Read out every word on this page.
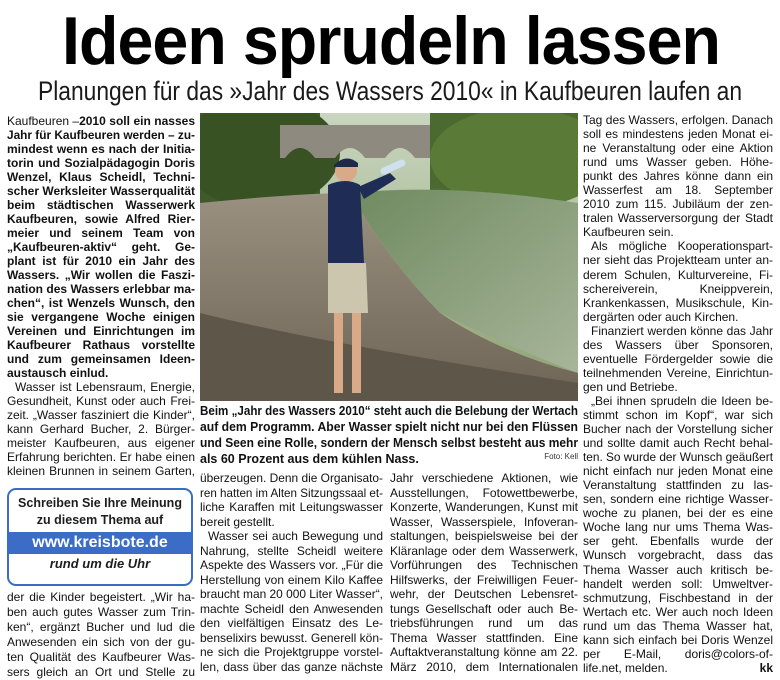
Ideen sprudeln lassen
Planungen für das »Jahr des Wassers 2010« in Kaufbeuren laufen an
Kaufbeuren –2010 soll ein nasses
Jahr für Kaufbeuren werden – zu-
mindest wenn es nach der Initia-
torin und Sozialpädagogin Doris
Wenzel, Klaus Scheidl, Techni-
scher Werksleiter Wasserqualität
beim städtischen Wasserwerk
Kaufbeuren, sowie Alfred Rier-
meier und seinem Team von
„Kaufbeuren-aktiv“ geht. Ge-
plant ist für 2010 ein Jahr des
Wassers. „Wir wollen die Faszi-
nation des Wassers erlebbar ma-
chen“, ist Wenzels Wunsch, den
sie vergangene Woche einigen
Vereinen und Einrichtungen im
Kaufbeurer Rathaus vorstellte
und zum gemeinsamen Ideen-
austausch einlud.
Wasser ist Lebensraum, Energie,
Gesundheit, Kunst oder auch Frei-
zeit. „Wasser fasziniert die Kinder“,
kann Gerhard Bucher, 2. Bürger-
meister Kaufbeuren, aus eigener
Erfahrung berichten. Er habe einen
kleinen Brunnen in seinem Garten,
der die Kinder begeistert. „Wir ha-
ben auch gutes Wasser zum Trin-
ken“, ergänzt Bucher und lud die
Anwesenden ein sich von der gu-
ten Qualität des Kaufbeurer Was-
sers gleich an Ort und Stelle zu
überzeugen. Denn die Organisato-
ren hatten im Alten Sitzungssaal et-
liche Karaffen mit Leitungswasser
bereit gestellt.
Wasser sei auch Bewegung und
Nahrung, stellte Scheidl weitere
Aspekte des Wassers vor. „Für die
Herstellung von einem Kilo Kaffee
braucht man 20 000 Liter Wasser“,
machte Scheidl den Anwesenden
den vielfältigen Einsatz des Le-
benselixirs bewusst. Generell kön-
ne sich die Projektgruppe vorstel-
len, dass über das ganze nächste
Jahr verschiedene Aktionen, wie
Ausstellungen, Fotowettbewerbe,
Konzerte, Wanderungen, Kunst mit
Wasser, Wasserspiele, Infoveran-
staltungen, beispielsweise bei der
Kläranlage oder dem Wasserwerk,
Vorführungen des Technischen
Hilfswerks, der Freiwilligen Feuer-
wehr, der Deutschen Lebensret-
tungs Gesellschaft oder auch Be-
triebsführungen rund um das
Thema Wasser stattfinden. Eine
Auftaktveranstaltung könne am 22.
März 2010, dem Internationalen
Tag des Wassers, erfolgen. Danach
soll es mindestens jeden Monat ei-
ne Veranstaltung oder eine Aktion
rund ums Wasser geben. Höhe-
punkt des Jahres könne dann ein
Wasserfest am 18. September
2010 zum 115. Jubiläum der zen-
tralen Wasserversorgung der Stadt
Kaufbeuren sein.
Als mögliche Kooperationspart-
ner sieht das Projektteam unter an-
derem Schulen, Kulturvereine, Fi-
schereiverein, Kneippverein,
Krankenkassen, Musikschule, Kin-
dergärten oder auch Kirchen.
Finanziert werden könne das Jahr
des Wassers über Sponsoren,
eventuelle Fördergelder sowie die
teilnehmenden Vereine, Einrichtun-
gen und Betriebe.
„Bei ihnen sprudeln die Ideen be-
stimmt schon im Kopf“, war sich
Bucher nach der Vorstellung sicher
und sollte damit auch Recht behal-
ten. So wurde der Wunsch geäußert
nicht einfach nur jeden Monat eine
Veranstaltung stattfinden zu las-
sen, sondern eine richtige Wasser-
woche zu planen, bei der es eine
Woche lang nur ums Thema Was-
ser geht. Ebenfalls wurde der
Wunsch vorgebracht, dass das
Thema Wasser auch kritisch be-
handelt werden soll: Umweltver-
schmutzung, Fischbestand in der
Wertach etc. Wer auch noch Ideen
rund um das Thema Wasser hat,
kann sich einfach bei Doris Wenzel
per E-Mail, doris@colors-of-
life.net, melden.	kk
Beim „Jahr des Wassers 2010“ steht auch die Belebung der Wertach
auf dem Programm. Aber Wasser spielt nicht nur bei den Flüssen
und Seen eine Rolle, sondern der Mensch selbst besteht aus mehr
als 60 Prozent aus dem kühlen Nass.	Foto: Kell
Schreiben Sie Ihre Meinung
zu diesem Thema auf
www.kreisbote.de
rund um die Uhr
